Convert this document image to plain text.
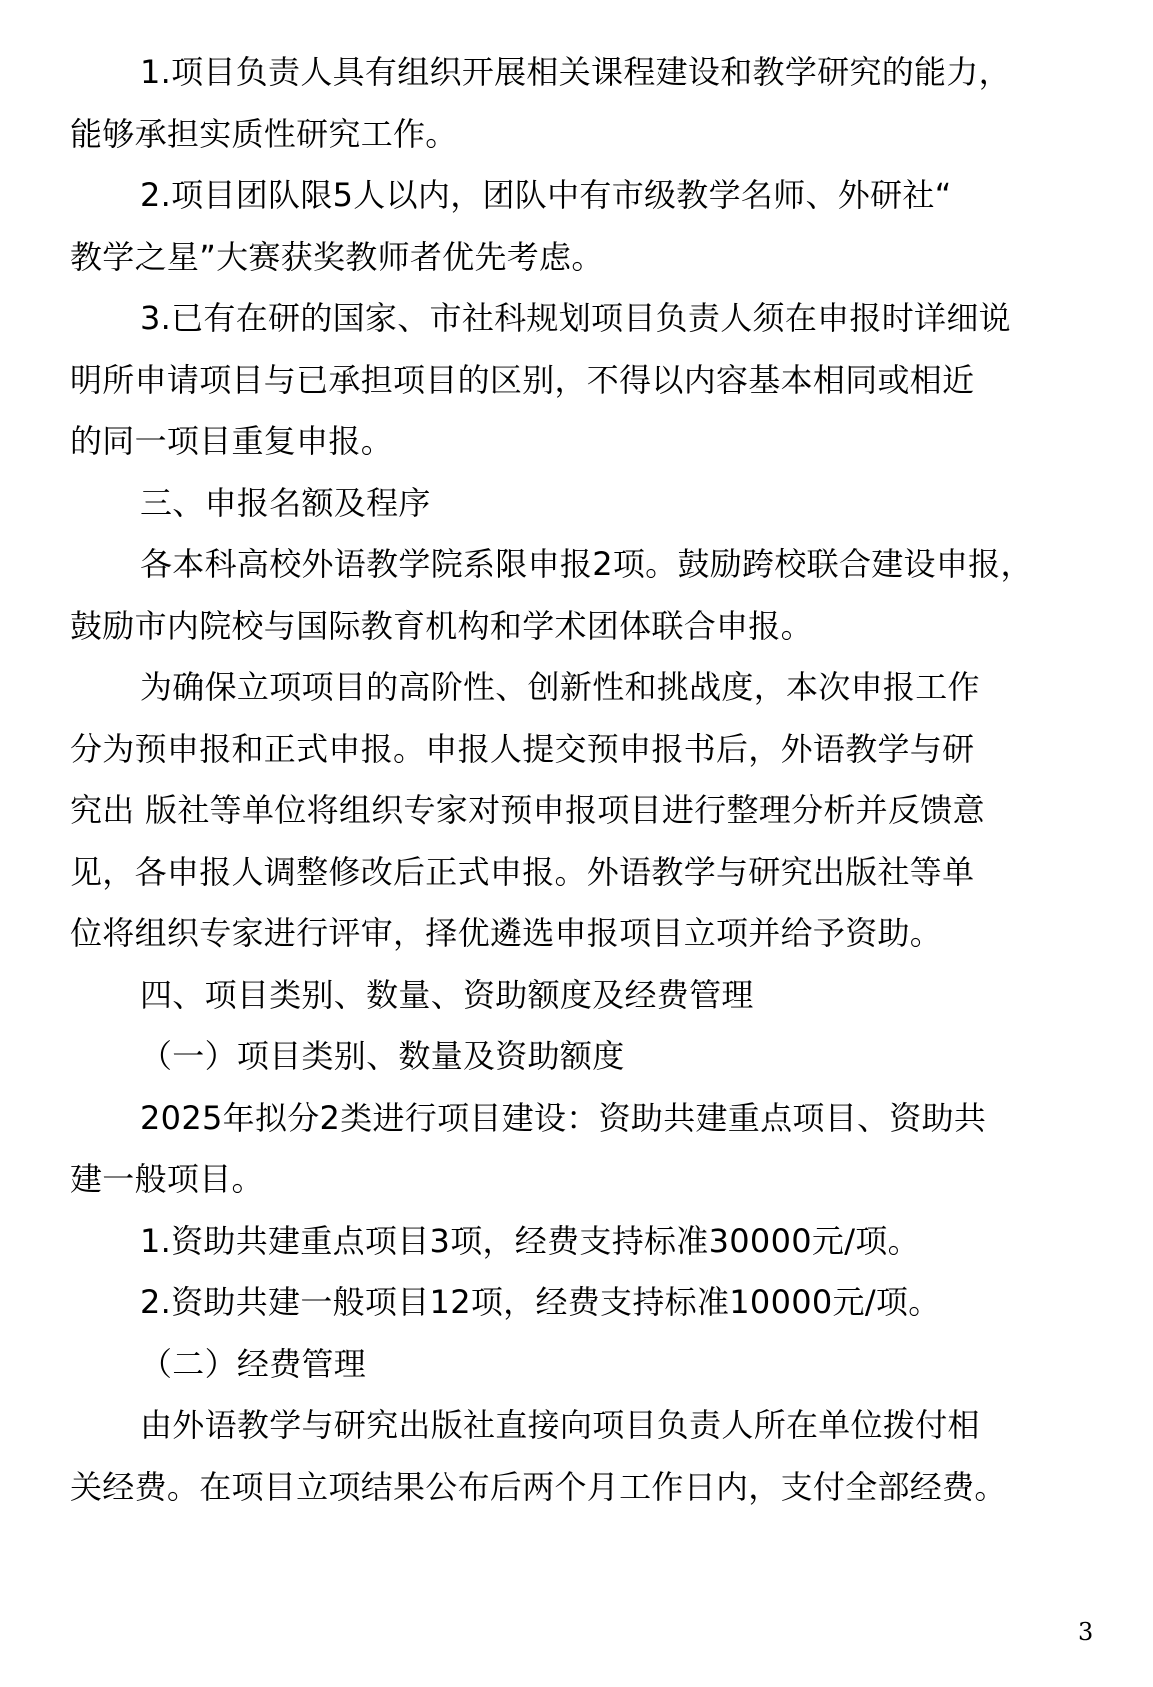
1.项目负责人具有组织开展相关课程建设和教学研究的能力，
能够承担实质性研究工作。
2.项目团队限5人以内，团队中有市级教学名师、外研社“
教学之星”大赛获奖教师者优先考虑。
3.已有在研的国家、市社科规划项目负责人须在申报时详细说
明所申请项目与已承担项目的区别，不得以内容基本相同或相近
的同一项目重复申报。
三、申报名额及程序
各本科高校外语教学院系限申报2项。鼓励跨校联合建设申报，
鼓励市内院校与国际教育机构和学术团体联合申报。
为确保立项项目的高阶性、创新性和挑战度，本次申报工作
分为预申报和正式申报。申报人提交预申报书后，外语教学与研
究出 版社等单位将组织专家对预申报项目进行整理分析并反馈意
见，各申报人调整修改后正式申报。外语教学与研究出版社等单
位将组织专家进行评审，择优遴选申报项目立项并给予资助。
四、项目类别、数量、资助额度及经费管理
（一）项目类别、数量及资助额度
2025年拟分2类进行项目建设：资助共建重点项目、资助共
建一般项目。
1.资助共建重点项目3项，经费支持标准30000元/项。
2.资助共建一般项目12项，经费支持标准10000元/项。
（二）经费管理
由外语教学与研究出版社直接向项目负责人所在单位拨付相
关经费。在项目立项结果公布后两个月工作日内，支付全部经费。
3
